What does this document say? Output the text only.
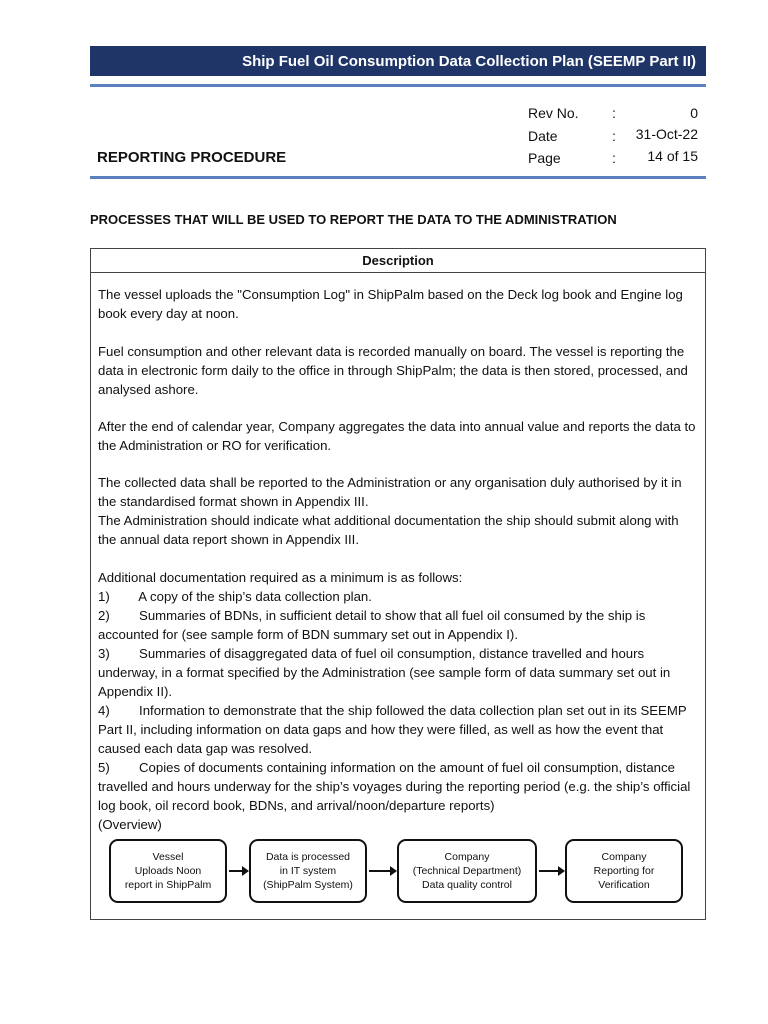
Ship Fuel Oil Consumption Data Collection Plan (SEEMP Part II)
Rev No. :	0
Date	: 31-Oct-22
Page	: 14 of 15
REPORTING PROCEDURE
PROCESSES THAT WILL BE USED TO REPORT THE DATA TO THE ADMINISTRATION
Description

The vessel uploads the "Consumption Log" in ShipPalm based on the Deck log book and Engine log book every day at noon.

Fuel consumption and other relevant data is recorded manually on board. The vessel is reporting the data in electronic form daily to the office in through ShipPalm; the data is then stored, processed, and analysed ashore.

After the end of calendar year, Company aggregates the data into annual value and reports the data to the Administration or RO for verification.

The collected data shall be reported to the Administration or any organisation duly authorised by it in the standardised format shown in Appendix III.

The Administration should indicate what additional documentation the ship should submit along with the annual data report shown in Appendix III.

Additional documentation required as a minimum is as follows:

1)        A copy of the ship’s data collection plan.

2)        Summaries of BDNs, in sufficient detail to show that all fuel oil consumed by the ship is accounted for (see sample form of BDN summary set out in Appendix I).

3)        Summaries of disaggregated data of fuel oil consumption, distance travelled and hours underway, in a format specified by the Administration (see sample form of data summary set out in Appendix II).

4)        Information to demonstrate that the ship followed the data collection plan set out in its SEEMP Part II, including information on data gaps and how they were filled, as well as how the event that caused each data gap was resolved.

5)        Copies of documents containing information on the amount of fuel oil consumption, distance travelled and hours underway for the ship’s voyages during the reporting period (e.g. the ship’s official log book, oil record book, BDNs, and arrival/noon/departure reports)

(Overview)

Vessel
Uploads Noon
report in ShipPalm
Data is processed
in IT system
(ShipPalm System)
Company
(Technical Department)
Data quality control
Company
Reporting for
Verification
